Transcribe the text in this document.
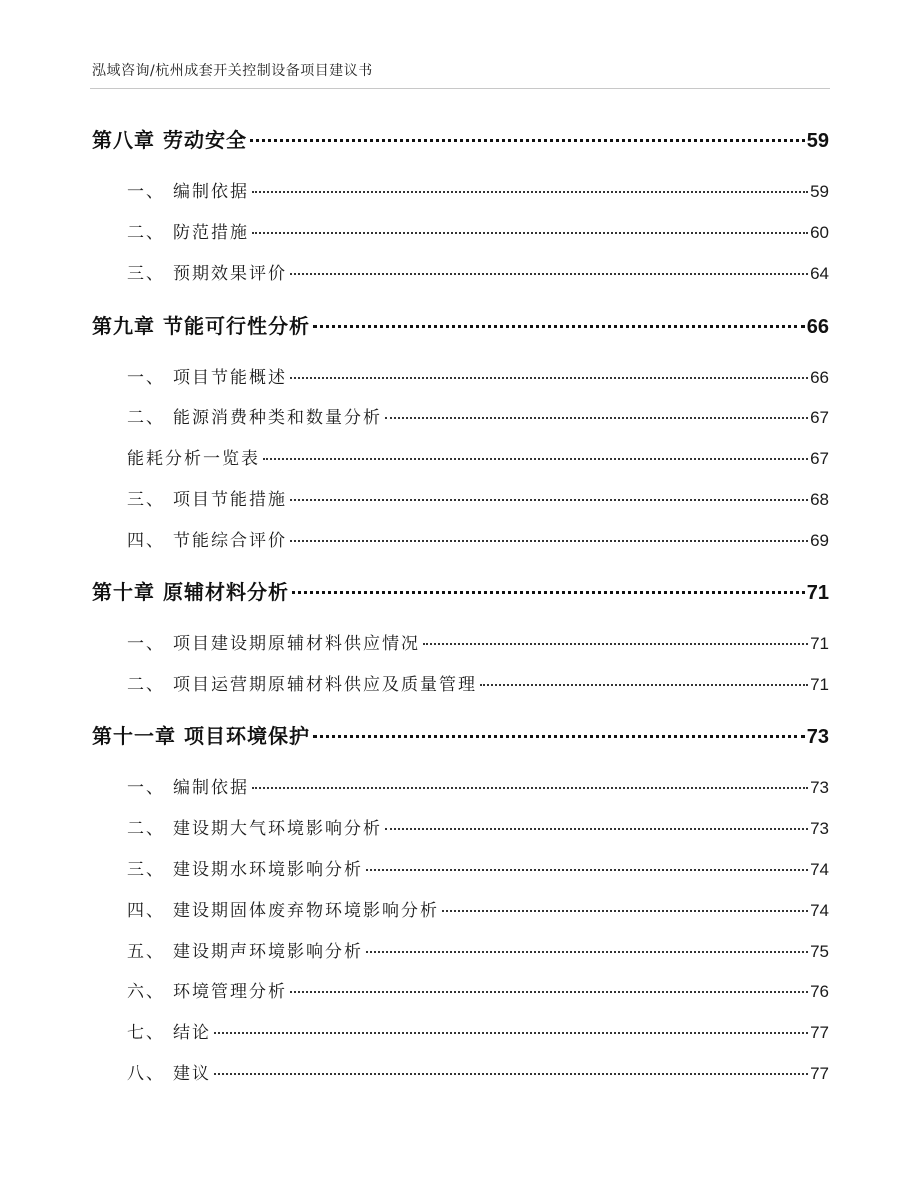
泓域咨询/杭州成套开关控制设备项目建议书
第八章 劳动安全	59
一、 编制依据	59
二、 防范措施	60
三、 预期效果评价	64
第九章 节能可行性分析	66
一、 项目节能概述	66
二、 能源消费种类和数量分析	67
能耗分析一览表	67
三、 项目节能措施	68
四、 节能综合评价	69
第十章 原辅材料分析	71
一、 项目建设期原辅材料供应情况	71
二、 项目运营期原辅材料供应及质量管理	71
第十一章 项目环境保护	73
一、 编制依据	73
二、 建设期大气环境影响分析	73
三、 建设期水环境影响分析	74
四、 建设期固体废弃物环境影响分析	74
五、 建设期声环境影响分析	75
六、 环境管理分析	76
七、 结论	77
八、 建议	77
